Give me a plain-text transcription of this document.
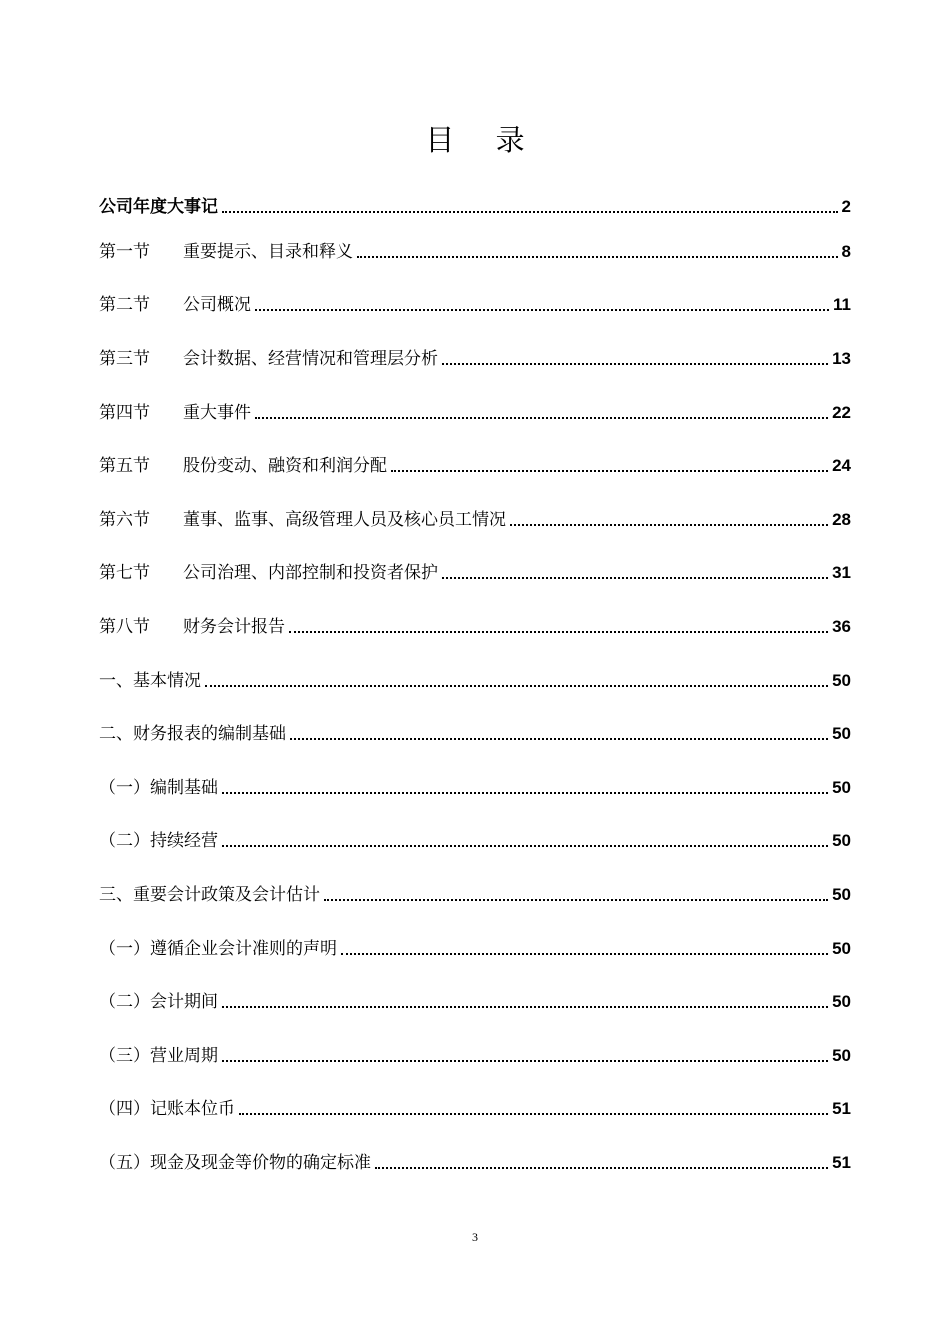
目 录
公司年度大事记	2
第一节	重要提示、目录和释义	8
第二节	公司概况	11
第三节	会计数据、经营情况和管理层分析	13
第四节	重大事件	22
第五节	股份变动、融资和利润分配	24
第六节	董事、监事、高级管理人员及核心员工情况	28
第七节	公司治理、内部控制和投资者保护	31
第八节	财务会计报告	36
一、基本情况	50
二、财务报表的编制基础	50
（一）编制基础	50
（二）持续经营	50
三、重要会计政策及会计估计	50
（一）遵循企业会计准则的声明	50
（二）会计期间	50
（三）营业周期	50
（四）记账本位币	51
（五）现金及现金等价物的确定标准	51
3
